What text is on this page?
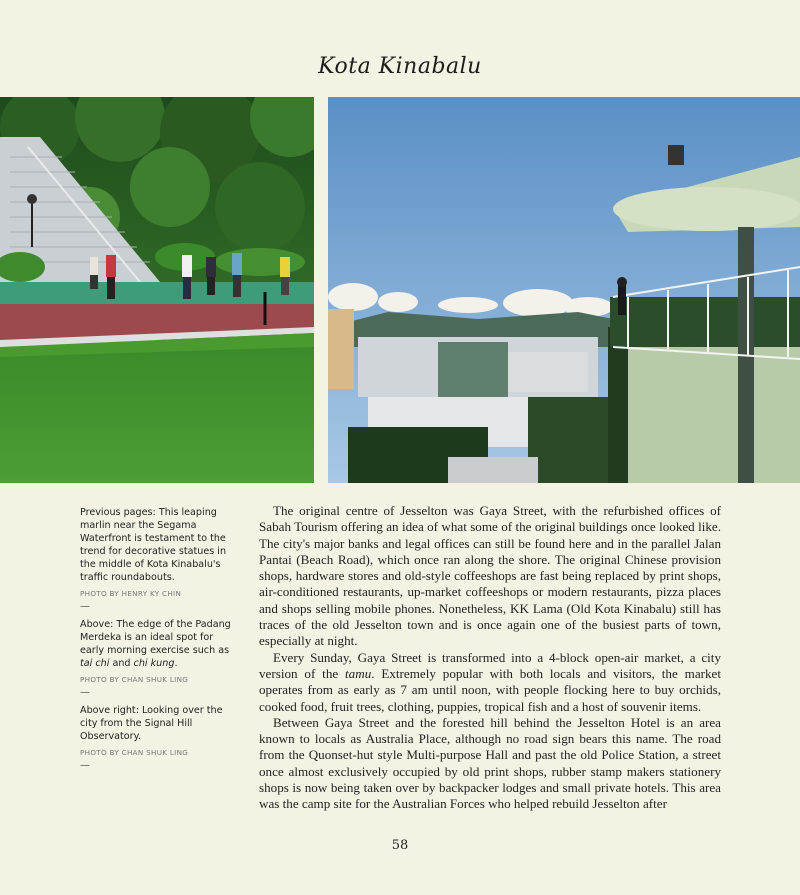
Kota Kinabalu

Previous pages: This leaping marlin near the Segama Waterfront is testament to the trend for decorative statues in the middle of Kota Kinabalu's traffic roundabouts.

PHOTO BY HENRY KY CHIN

—

Above: The edge of the Padang Merdeka is an ideal spot for early morning exercise such as tai chi and chi kung.

PHOTO BY CHAN SHUK LING

—

Above right: Looking over the city from the Signal Hill Observatory.

PHOTO BY CHAN SHUK LING

—

The original centre of Jesselton was Gaya Street, with the refurbished offices of Sabah Tourism offering an idea of what some of the original buildings once looked like. The city's major banks and legal offices can still be found here and in the parallel Jalan Pantai (Beach Road), which once ran along the shore. The original Chinese provision shops, hardware stores and old-style coffeeshops are fast being replaced by print shops, air-conditioned restaurants, up-market coffeeshops or modern restaurants, pizza places and shops selling mobile phones. Nonetheless, KK Lama (Old Kota Kinabalu) still has traces of the old Jesselton town and is once again one of the busiest parts of town, especially at night.

Every Sunday, Gaya Street is transformed into a 4-block open-air market, a city version of the tamu. Extremely popular with both locals and visitors, the market operates from as early as 7 am until noon, with people flocking here to buy orchids, cooked food, fruit trees, clothing, puppies, tropical fish and a host of souvenir items.

Between Gaya Street and the forested hill behind the Jesselton Hotel is an area known to locals as Australia Place, although no road sign bears this name. The road from the Quonset-hut style Multi-purpose Hall and past the old Police Station, a street once almost exclusively occupied by old print shops, rubber stamp makers stationery shops is now being taken over by backpacker lodges and small private hotels. This area was the camp site for the Australian Forces who helped rebuild Jesselton after

58
